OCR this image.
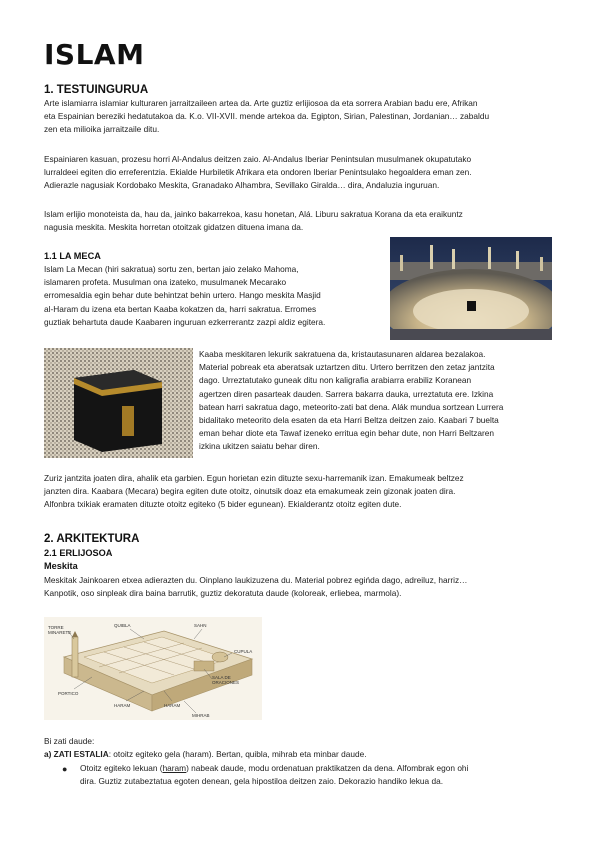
ISLAM
1. TESTUINGURUA
Arte islamiarra islamiar kulturaren jarraitzaileen artea da. Arte guztiz erlijiosoa da eta sorrera Arabian badu ere, Afrikan
eta Espainian bereziki hedatutakoa da. K.o. VII-XVII. mende artekoa da. Egipton, Sirian, Palestinan, Jordanian… zabaldu
zen eta milioika jarraitzaile ditu.
Espainiaren kasuan, prozesu horri Al-Andalus deitzen zaio. Al-Andalus Iberiar Penintsulan musulmanek okupatutako
lurraldeei egiten dio erreferentzia. Ekialde Hurbiletik Afrikara eta ondoren Iberiar Penintsulako hegoaldera eman zen.
Adierazle nagusiak Kordobako Meskita, Granadako Alhambra, Sevillako Giralda… dira, Andaluzia inguruan.
Islam erlijio monoteista da, hau da, jainko bakarrekoa, kasu honetan, Alá. Liburu sakratua Korana da eta eraikuntz
nagusia meskita. Meskita horretan otoitzak gidatzen dituena imana da.
1.1 LA MECA
Islam La Mecan (hiri sakratua) sortu zen, bertan jaio zelako Mahoma,
islamaren profeta. Musulman ona izateko, musulmanek Mecarako
erromesaldia egin behar dute behintzat behin urtero. Hango meskita Masjid
al-Haram du izena eta bertan Kaaba kokatzen da, harri sakratua. Erromes
guztiak behartuta daude Kaabaren inguruan ezkerrerantz zazpi aldiz egitera.
Kaaba meskitaren lekurik sakratuena da, kristautasunaren aldarea bezalakoa.
Material pobreak eta aberatsak uztartzen ditu. Urtero berritzen den zetaz jantzita
dago. Urreztatutako guneak ditu non kaligrafia arabiarra erabiliz Koranean
agertzen diren pasarteak dauden. Sarrera bakarra dauka, urreztatuta ere. Izkina
batean harri sakratua dago, meteorito-zati bat dena. Alák mundua sortzean Lurrera
bidalitako meteorito dela esaten da eta Harri Beltza deitzen zaio. Kaabari 7 buelta
eman behar diote eta Tawaf izeneko erritua egin behar dute, non Harri Beltzaren
izkina ukitzen saiatu behar diren.
Zuriz jantzita joaten dira, ahalik eta garbien. Egun horietan ezin dituzte sexu-harremanik izan. Emakumeak beltzez
janzten dira. Kaabara (Mecara) begira egiten dute otoitz, oinutsik doaz eta emakumeak zein gizonak joaten dira.
Alfonbra txikiak eramaten dituzte otoitz egiteko (5 bider egunean). Ekialderantz otoitz egiten dute.
2. ARKITEKTURA
2.1 ERLIJOSOA
Meskita
Meskitak Jainkoaren etxea adierazten du. Oinplano laukizuzena du. Material pobrez egińda dago, adreiluz, harriz…
Kanpotik, oso sinpleak dira baina barrutik, guztiz dekoratuta daude (koloreak, erliebea, marmola).
QUIBLA	SAHN
TORRE MINARETE
PORTICO
HARAM
CUPULA
SALA DE ORACIONES
HARAM
MIHRAB
Bi zati daude:
a) ZATI ESTALIA: otoitz egiteko gela (haram). Bertan, quibla, mihrab eta minbar daude.
● Otoitz egiteko lekuan (haram) nabeak daude, modu ordenatuan praktikatzen da dena. Alfombrak egon ohi
dira. Guztiz zutabeztatua egoten denean, gela hipostiloa deitzen zaio. Dekorazio handiko lekua da.
